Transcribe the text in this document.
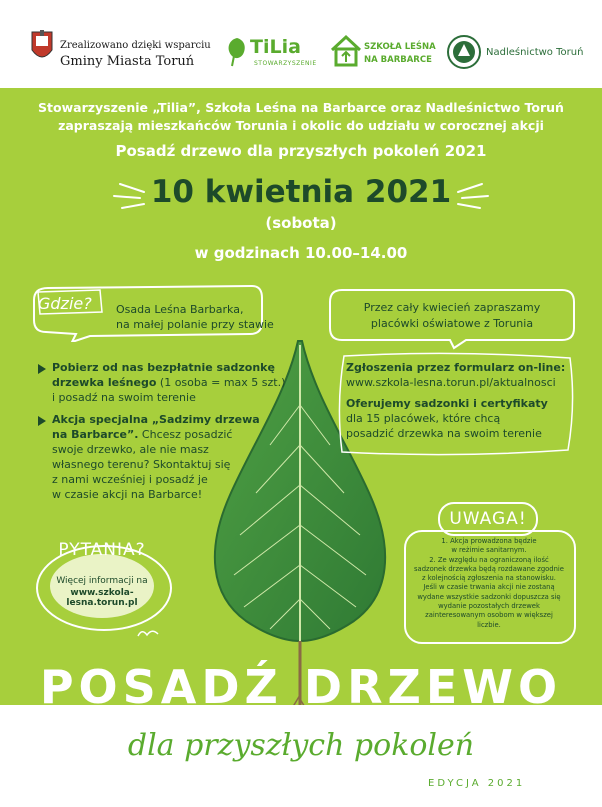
Zrealizowano dzięki wsparciu
Gminy Miasta Toruń
TiLia
STOWARZYSZENIE
SZKOŁA LEŚNA
NA BARBARCE
Nadleśnictwo Toruń
Stowarzyszenie „Tilia”, Szkoła Leśna na Barbarce oraz Nadleśnictwo Toruń
zapraszają mieszkańców Torunia i okolic do udziału w corocznej akcji
Posadź drzewo dla przyszłych pokoleń 2021
10 kwietnia 2021
(sobota)
w godzinach 10.00–14.00
Gdzie? Osada Leśna Barbarka,
na małej polanie przy stawie
Pobierz od nas bezpłatnie sadzonkę
drzewka leśnego (1 osoba = max 5 szt.)
i posadź na swoim terenie
Akcja specjalna „Sadzimy drzewa
na Barbarce”. Chcesz posadzić
swoje drzewko, ale nie masz
własnego terenu? Skontaktuj się
z nami wcześniej i posadź je
w czasie akcji na Barbarce!
Przez cały kwiecień zapraszamy
placówki oświatowe z Torunia
Zgłoszenia przez formularz on-line:
www.szkola-lesna.torun.pl/aktualnosci
Oferujemy sadzonki i certyfikaty
dla 15 placówek, które chcą
posadzić drzewka na swoim terenie
UWAGA!
1. Akcja prowadzona będzie
w reżimie sanitarnym.
2. Ze względu na ograniczoną ilość
sadzonek drzewka będą rozdawane zgodnie
z kolejnością zgłoszenia na stanowisku.
Jeśli w czasie trwania akcji nie zostaną
wydane wszystkie sadzonki dopuszcza się
wydanie pozostałych drzewek
zainteresowanym osobom w większej liczbie.
PYTANIA?
Więcej informacji na
www.szkola-lesna.torun.pl
POSADŹ DRZEWO
dla przyszłych pokoleń
EDYCJA 2021
